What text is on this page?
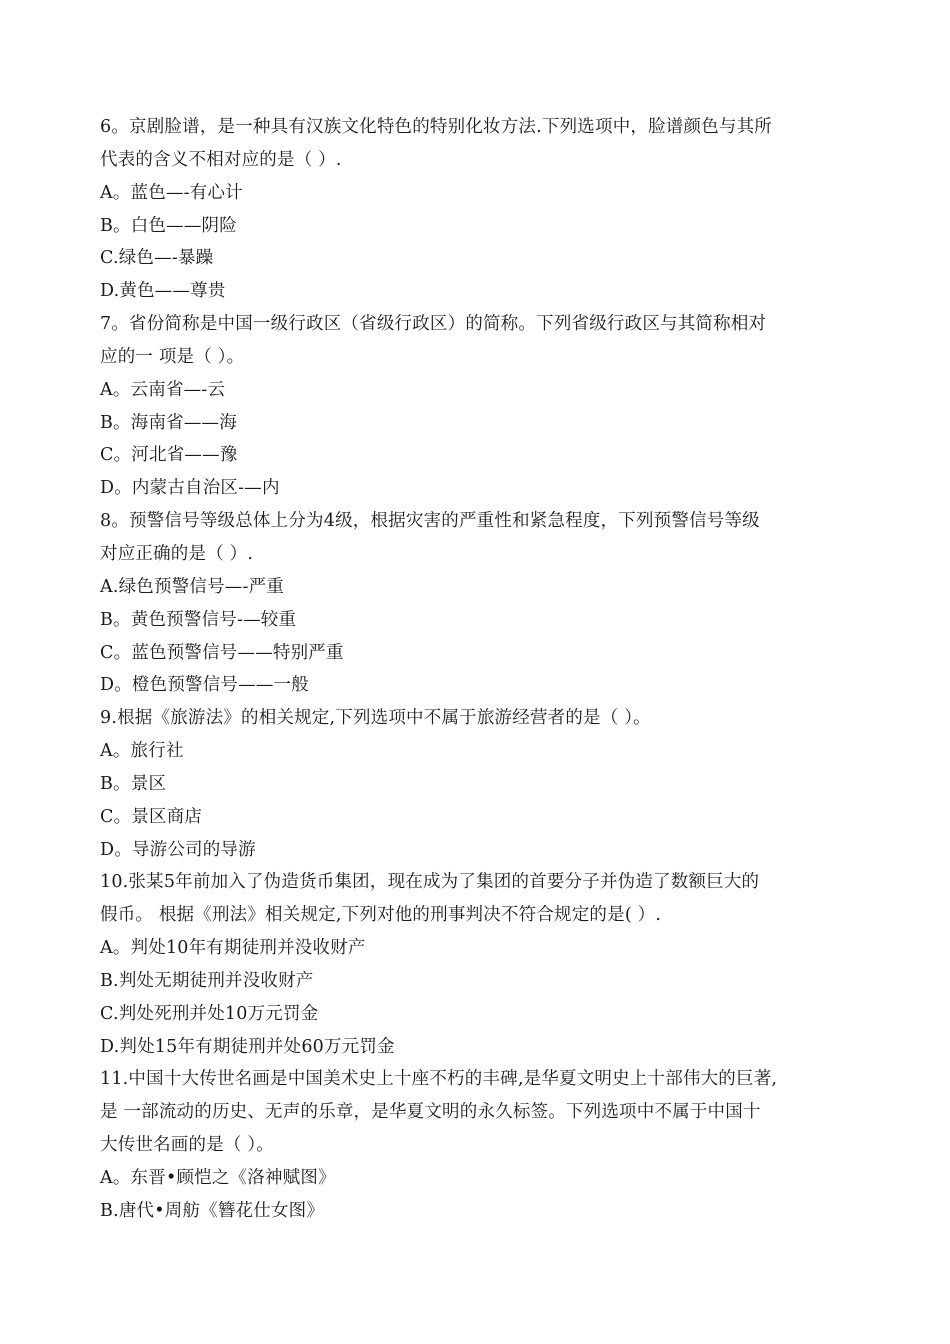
6。京剧脸谱，是一种具有汉族文化特色的特别化妆方法.下列选项中，脸谱颜色与其所
代表的含义不相对应的是（ ）.
A。蓝色—-有心计
B。白色——阴险
C.绿色—-暴躁
D.黄色——尊贵
7。省份简称是中国一级行政区（省级行政区）的简称。下列省级行政区与其简称相对
应的一 项是（ ）。
A。云南省—-云
B。海南省——海
C。河北省——豫
D。内蒙古自治区-—内
8。预警信号等级总体上分为4级，根据灾害的严重性和紧急程度，下列预警信号等级
对应正确的是（ ）.
A.绿色预警信号—-严重
B。黄色预警信号-—较重
C。蓝色预警信号——特别严重
D。橙色预警信号——一般
9.根据《旅游法》的相关规定,下列选项中不属于旅游经营者的是（ ）。
A。旅行社
B。景区
C。景区商店
D。导游公司的导游
10.张某5年前加入了伪造货币集团，现在成为了集团的首要分子并伪造了数额巨大的
假币。 根据《刑法》相关规定,下列对他的刑事判决不符合规定的是( ）.
A。判处10年有期徒刑并没收财产
B.判处无期徒刑并没收财产
C.判处死刑并处10万元罚金
D.判处15年有期徒刑并处60万元罚金
11.中国十大传世名画是中国美术史上十座不朽的丰碑,是华夏文明史上十部伟大的巨著,
是 一部流动的历史、无声的乐章，是华夏文明的永久标签。下列选项中不属于中国十
大传世名画的是（ ）。
A。东晋•顾恺之《洛神赋图》
B.唐代•周舫《簪花仕女图》
